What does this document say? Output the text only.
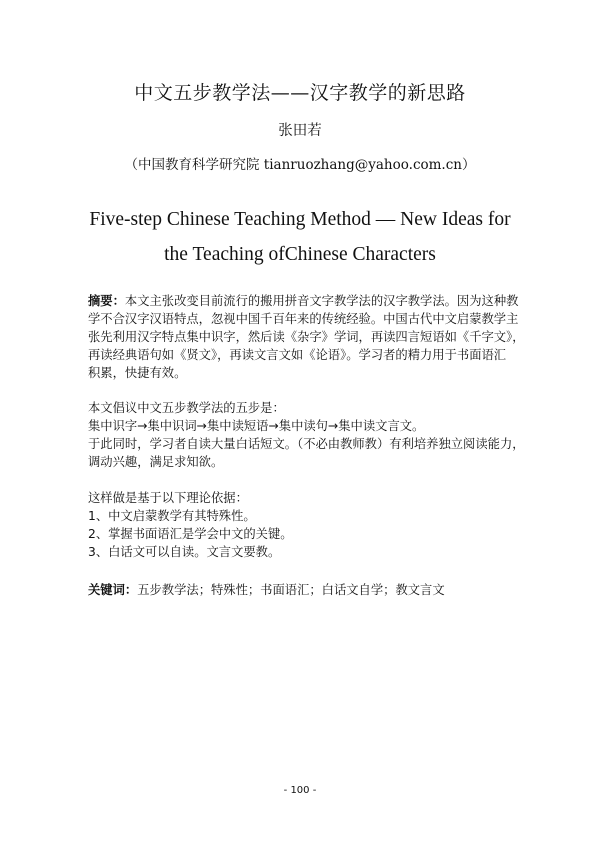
中文五步教学法——汉字教学的新思路
张田若
（中国教育科学研究院 tianruozhang@yahoo.com.cn）
Five-step Chinese Teaching Method — New Ideas for
the Teaching ofChinese Characters
摘要：本文主张改变目前流行的搬用拼音文字教学法的汉字教学法。因为这种教
学不合汉字汉语特点，忽视中国千百年来的传统经验。中国古代中文启蒙教学主
张先利用汉字特点集中识字，然后读《杂字》学词，再读四言短语如《千字文》，
再读经典语句如《贤文》，再读文言文如《论语》。学习者的精力用于书面语汇
积累，快捷有效。
本文倡议中文五步教学法的五步是：
集中识字→集中识词→集中读短语→集中读句→集中读文言文。
于此同时，学习者自读大量白话短文。（不必由教师教）有利培养独立阅读能力，
调动兴趣，满足求知欲。
这样做是基于以下理论依据：
1、中文启蒙教学有其特殊性。
2、掌握书面语汇是学会中文的关键。
3、白话文可以自读。文言文要教。
关键词：五步教学法；特殊性；书面语汇；白话文自学；教文言文
- 100 -
